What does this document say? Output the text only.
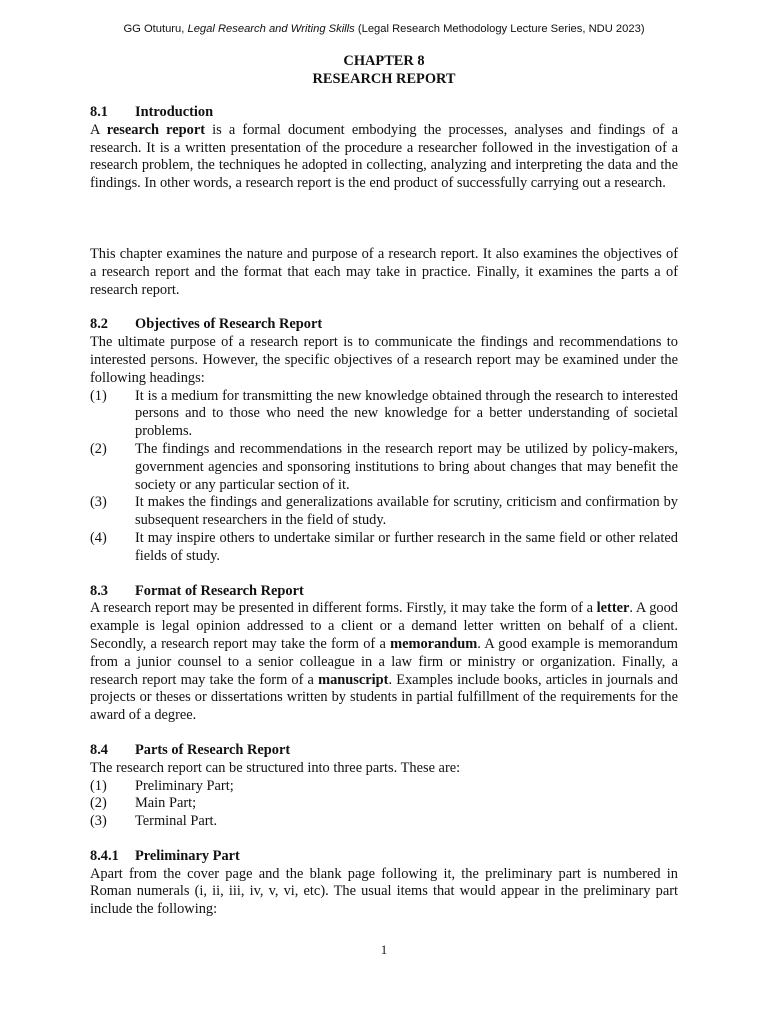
GG Otuturu, Legal Research and Writing Skills (Legal Research Methodology Lecture Series, NDU 2023)
CHAPTER 8
RESEARCH REPORT
8.1	Introduction

A research report is a formal document embodying the processes, analyses and findings of a research. It is a written presentation of the procedure a researcher followed in the investigation of a research problem, the techniques he adopted in collecting, analyzing and interpreting the data and the findings. In other words, a research report is the end product of successfully carrying out a research.

This chapter examines the nature and purpose of a research report. It also examines the objectives of a research report and the format that each may take in practice. Finally, it examines the parts a of research report.

8.2	Objectives of Research Report

The ultimate purpose of a research report is to communicate the findings and recommendations to interested persons. However, the specific objectives of a research report may be examined under the following headings:

(1)	It is a medium for transmitting the new knowledge obtained through the research to interested persons and to those who need the new knowledge for a better understanding of societal problems.
(2)	The findings and recommendations in the research report may be utilized by policy-makers, government agencies and sponsoring institutions to bring about changes that may benefit the society or any particular section of it.
(3)	It makes the findings and generalizations available for scrutiny, criticism and confirmation by subsequent researchers in the field of study.
(4)	It may inspire others to undertake similar or further research in the same field or other related fields of study.
8.3	Format of Research Report

A research report may be presented in different forms. Firstly, it may take the form of a letter. A good example is legal opinion addressed to a client or a demand letter written on behalf of a client. Secondly, a research report may take the form of a memorandum. A good example is memorandum from a junior counsel to a senior colleague in a law firm or ministry or organization. Finally, a research report may take the form of a manuscript. Examples include books, articles in journals and projects or theses or dissertations written by students in partial fulfillment of the requirements for the award of a degree.

8.4	Parts of Research Report

The research report can be structured into three parts. These are:

(1)	Preliminary Part;
(2)	Main Part;
(3)	Terminal Part.
8.4.1	Preliminary Part

Apart from the cover page and the blank page following it, the preliminary part is numbered in Roman numerals (i, ii, iii, iv, v, vi, etc). The usual items that would appear in the preliminary part include the following:

1
